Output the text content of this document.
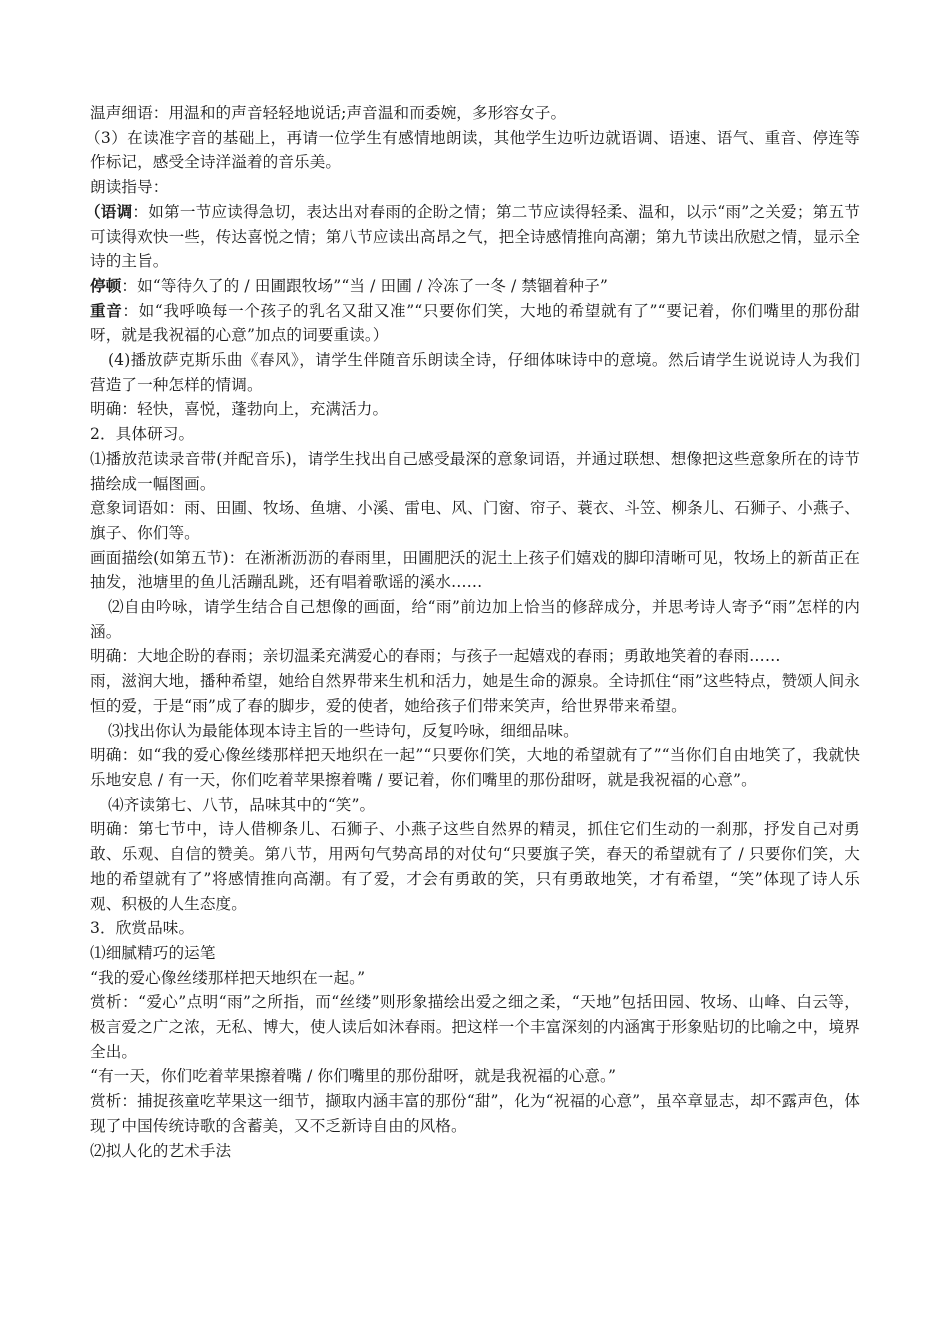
温声细语：用温和的声音轻轻地说话;声音温和而委婉，多形容女子。

（3）在读准字音的基础上，再请一位学生有感情地朗读，其他学生边听边就语调、语速、语气、重音、停连等作标记，感受全诗洋溢着的音乐美。

朗读指导：

（语调：如第一节应读得急切，表达出对春雨的企盼之情；第二节应读得轻柔、温和，以示“雨”之关爱；第五节可读得欢快一些，传达喜悦之情；第八节应读出高昂之气，把全诗感情推向高潮；第九节读出欣慰之情，显示全诗的主旨。

停顿：如“等待久了的 / 田圃跟牧场”“当 / 田圃 / 冷冻了一冬 / 禁锢着种子”

重音：如“我呼唤每一个孩子的乳名又甜又准”“只要你们笑，大地的希望就有了”“要记着，你们嘴里的那份甜呀，就是我祝福的心意”加点的词要重读。）

(4)播放萨克斯乐曲《春风》，请学生伴随音乐朗读全诗，仔细体味诗中的意境。然后请学生说说诗人为我们营造了一种怎样的情调。

明确：轻快，喜悦，蓬勃向上，充满活力。

2．具体研习。

⑴播放范读录音带(并配音乐)，请学生找出自己感受最深的意象词语，并通过联想、想像把这些意象所在的诗节描绘成一幅图画。

意象词语如：雨、田圃、牧场、鱼塘、小溪、雷电、风、门窗、帘子、蓑衣、斗笠、柳条儿、石狮子、小燕子、旗子、你们等。

画面描绘(如第五节)：在淅淅沥沥的春雨里，田圃肥沃的泥土上孩子们嬉戏的脚印清晰可见，牧场上的新苗正在抽发，池塘里的鱼儿活蹦乱跳，还有唱着歌谣的溪水……

⑵自由吟咏，请学生结合自己想像的画面，给“雨”前边加上恰当的修辞成分，并思考诗人寄予“雨”怎样的内涵。

明确：大地企盼的春雨；亲切温柔充满爱心的春雨；与孩子一起嬉戏的春雨；勇敢地笑着的春雨……

雨，滋润大地，播种希望，她给自然界带来生机和活力，她是生命的源泉。全诗抓住“雨”这些特点，赞颂人间永恒的爱，于是“雨”成了春的脚步，爱的使者，她给孩子们带来笑声，给世界带来希望。

⑶找出你认为最能体现本诗主旨的一些诗句，反复吟咏，细细品味。

明确：如“我的爱心像丝缕那样把天地织在一起”“只要你们笑，大地的希望就有了”“当你们自由地笑了，我就快乐地安息 / 有一天，你们吃着苹果擦着嘴 / 要记着，你们嘴里的那份甜呀，就是我祝福的心意”。

⑷齐读第七、八节，品味其中的“笑”。

明确：第七节中，诗人借柳条儿、石狮子、小燕子这些自然界的精灵，抓住它们生动的一刹那，抒发自己对勇敢、乐观、自信的赞美。第八节，用两句气势高昂的对仗句“只要旗子笑，春天的希望就有了 / 只要你们笑，大地的希望就有了”将感情推向高潮。有了爱，才会有勇敢的笑，只有勇敢地笑，才有希望，“笑”体现了诗人乐观、积极的人生态度。

3．欣赏品味。

⑴细腻精巧的运笔

“我的爱心像丝缕那样把天地织在一起。”

赏析：“爱心”点明“雨”之所指，而“丝缕”则形象描绘出爱之细之柔，“天地”包括田园、牧场、山峰、白云等，极言爱之广之浓，无私、博大，使人读后如沐春雨。把这样一个丰富深刻的内涵寓于形象贴切的比喻之中，境界全出。

“有一天，你们吃着苹果擦着嘴 / 你们嘴里的那份甜呀，就是我祝福的心意。”

赏析：捕捉孩童吃苹果这一细节，撷取内涵丰富的那份“甜”，化为“祝福的心意”，虽卒章显志，却不露声色，体现了中国传统诗歌的含蓄美，又不乏新诗自由的风格。

⑵拟人化的艺术手法
